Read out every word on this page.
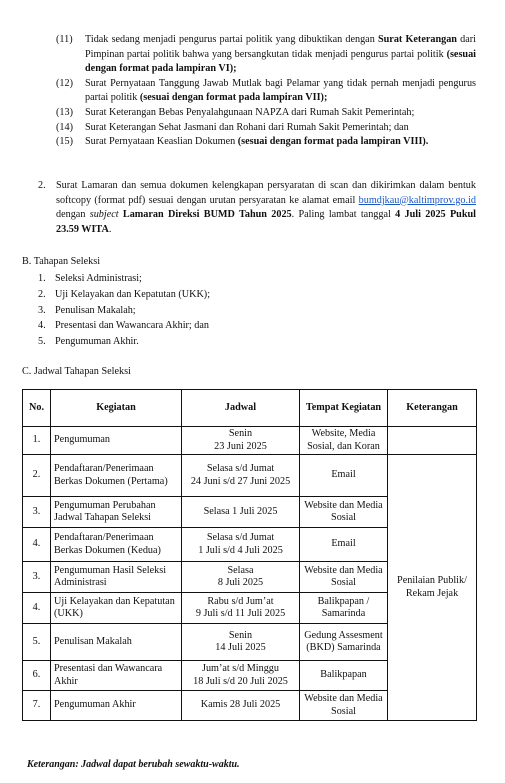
(11)	Tidak sedang menjadi pengurus partai politik yang dibuktikan dengan Surat Keterangan dari Pimpinan partai politik bahwa yang bersangkutan tidak menjadi pengurus partai politik (sesuai dengan format pada lampiran VI);
(12)	Surat Pernyataan Tanggung Jawab Mutlak bagi Pelamar yang tidak pernah menjadi pengurus partai politik (sesuai dengan format pada lampiran VII);
(13)	Surat Keterangan Bebas Penyalahgunaan NAPZA dari Rumah Sakit Pemerintah;
(14)	Surat Keterangan Sehat Jasmani dan Rohani dari Rumah Sakit Pemerintah; dan
(15)	Surat Pernyataan Keaslian Dokumen (sesuai dengan format pada lampiran VIII).
2.	Surat Lamaran dan semua dokumen kelengkapan persyaratan di scan dan dikirimkan dalam bentuk softcopy (format pdf) sesuai dengan urutan persyaratan ke alamat email bumdjkau@kaltimprov.go.id dengan subject Lamaran Direksi BUMD Tahun 2025. Paling lambat tanggal 4 Juli 2025 Pukul 23.59 WITA.
B. Tahapan Seleksi
1. Seleksi Administrasi;
2. Uji Kelayakan dan Kepatutan (UKK);
3. Penulisan Makalah;
4. Presentasi dan Wawancara Akhir; dan
5. Pengumuman Akhir.
C. Jadwal Tahapan Seleksi
No.	Kegiatan	Jadwal	Tempat Kegiatan	Keterangan
1.	Pengumuman	Senin
23 Juni 2025	Website, Media Sosial, dan Koran	
2.	Pendaftaran/Penerimaan Berkas Dokumen (Pertama)	Selasa s/d Jumat
24 Juni s/d 27 Juni 2025	Email	Penilaian Publik/ Rekam Jejak
3.	Pengumuman Perubahan Jadwal Tahapan Seleksi	Selasa 1 Juli 2025	Website dan Media Sosial	
4.	Pendaftaran/Penerimaan Berkas Dokumen (Kedua)	Selasa s/d Jumat
1 Juli s/d 4 Juli 2025	Email	
3.	Pengumuman Hasil Seleksi Administrasi	Selasa
8 Juli 2025	Website dan Media Sosial	
4.	Uji Kelayakan dan Kepatutan (UKK)	Rabu s/d Jum’at
9 Juli s/d 11 Juli 2025	Balikpapan / Samarinda	
5.	Penulisan Makalah	Senin
14 Juli 2025	Gedung Assesment (BKD) Samarinda	
6.	Presentasi dan Wawancara Akhir	Jum’at s/d Minggu
18 Juli s/d 20 Juli 2025	Balikpapan	
7.	Pengumuman Akhir	Kamis 28 Juli 2025	Website dan Media Sosial	
Keterangan: Jadwal dapat berubah sewaktu-waktu.
